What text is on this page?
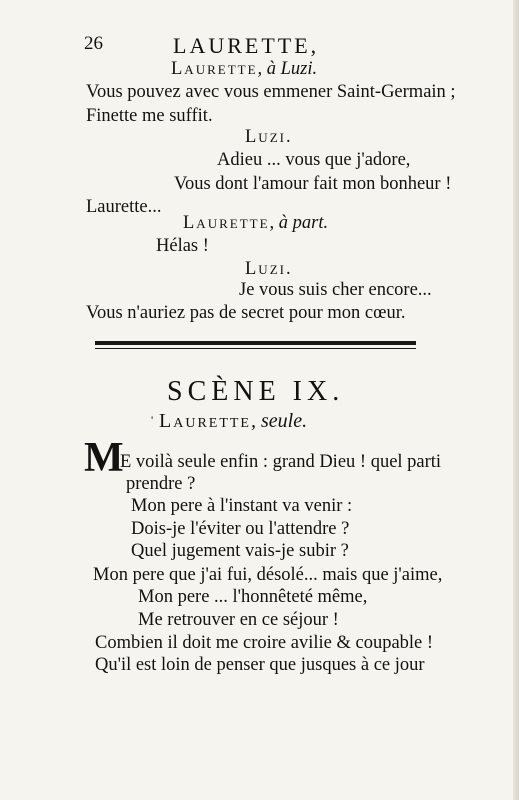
26	LAURETTE,
Laurette, à Luzi.
Vous pouvez avec vous emmener Saint-Germain ;
Finette me suffit.
Luzi.
Adieu ... vous que j'adore,
Vous dont l'amour fait mon bonheur !
Laurette...
Laurette, à part.
Hélas !
Luzi.
Je vous suis cher encore...
Vous n'auriez pas de secret pour mon cœur.
SCÈNE IX.
' Laurette, seule.
M
E voilà seule enfin : grand Dieu ! quel parti
prendre ?
Mon pere à l'instant va venir :
Dois-je l'éviter ou l'attendre ?
Quel jugement vais-je subir ?
Mon pere que j'ai fui, désolé... mais que j'aime,
Mon pere ... l'honnêteté même,
Me retrouver en ce séjour !
Combien il doit me croire avilie & coupable !
Qu'il est loin de penser que jusques à ce jour
